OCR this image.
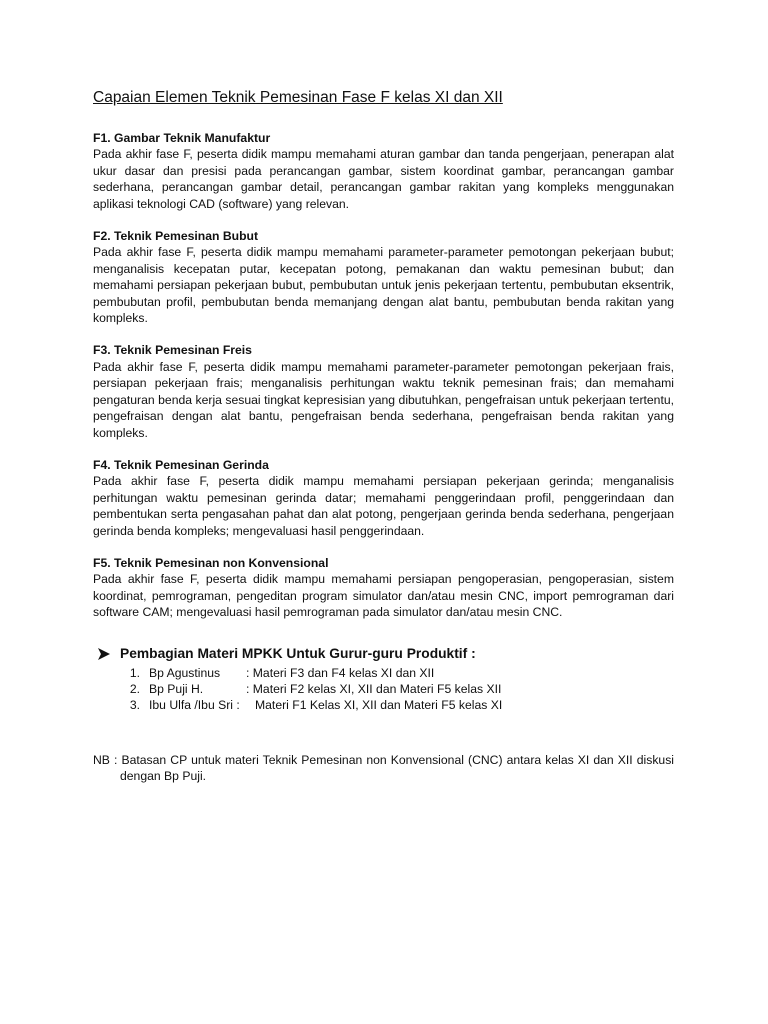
Capaian Elemen Teknik Pemesinan Fase F kelas XI dan XII

F1. Gambar Teknik Manufaktur

Pada akhir fase F, peserta didik mampu memahami aturan gambar dan tanda pengerjaan, penerapan alat ukur dasar dan presisi pada perancangan gambar, sistem koordinat gambar, perancangan gambar sederhana, perancangan gambar detail, perancangan gambar rakitan yang kompleks menggunakan aplikasi teknologi CAD (software) yang relevan.

F2. Teknik Pemesinan Bubut

Pada akhir fase F, peserta didik mampu memahami parameter-parameter pemotongan pekerjaan bubut; menganalisis kecepatan putar, kecepatan potong, pemakanan dan waktu pemesinan bubut; dan memahami persiapan pekerjaan bubut, pembubutan untuk jenis pekerjaan tertentu, pembubutan eksentrik, pembubutan profil, pembubutan benda memanjang dengan alat bantu, pembubutan benda rakitan yang kompleks.

F3. Teknik Pemesinan Freis

Pada akhir fase F, peserta didik mampu memahami parameter-parameter pemotongan pekerjaan frais, persiapan pekerjaan frais; menganalisis perhitungan waktu teknik pemesinan frais; dan memahami pengaturan benda kerja sesuai tingkat kepresisian yang dibutuhkan, pengefraisan untuk pekerjaan tertentu, pengefraisan dengan alat bantu, pengefraisan benda sederhana, pengefraisan benda rakitan yang kompleks.

F4. Teknik Pemesinan Gerinda

Pada akhir fase F, peserta didik mampu memahami persiapan pekerjaan gerinda; menganalisis perhitungan waktu pemesinan gerinda datar; memahami penggerindaan profil, penggerindaan dan pembentukan serta pengasahan pahat dan alat potong, pengerjaan gerinda benda sederhana, pengerjaan gerinda benda kompleks; mengevaluasi hasil penggerindaan.

F5. Teknik Pemesinan non Konvensional

Pada akhir fase F, peserta didik mampu memahami persiapan pengoperasian, pengoperasian, sistem koordinat, pemrograman, pengeditan program simulator dan/atau mesin CNC, import pemrograman dari software CAM; mengevaluasi hasil pemrograman pada simulator dan/atau mesin CNC.

Pembagian Materi MPKK Untuk Gurur-guru Produktif :
1. Bp Agustinus	: Materi F3 dan F4 kelas XI dan XII
2. Bp Puji H.	: Materi F2 kelas XI, XII dan Materi F5 kelas XII
3. Ibu Ulfa /Ibu Sri :	Materi F1 Kelas XI, XII dan Materi F5 kelas XI
NB : Batasan CP untuk materi Teknik Pemesinan non Konvensional (CNC) antara kelas XI dan XII diskusi dengan Bp Puji.
